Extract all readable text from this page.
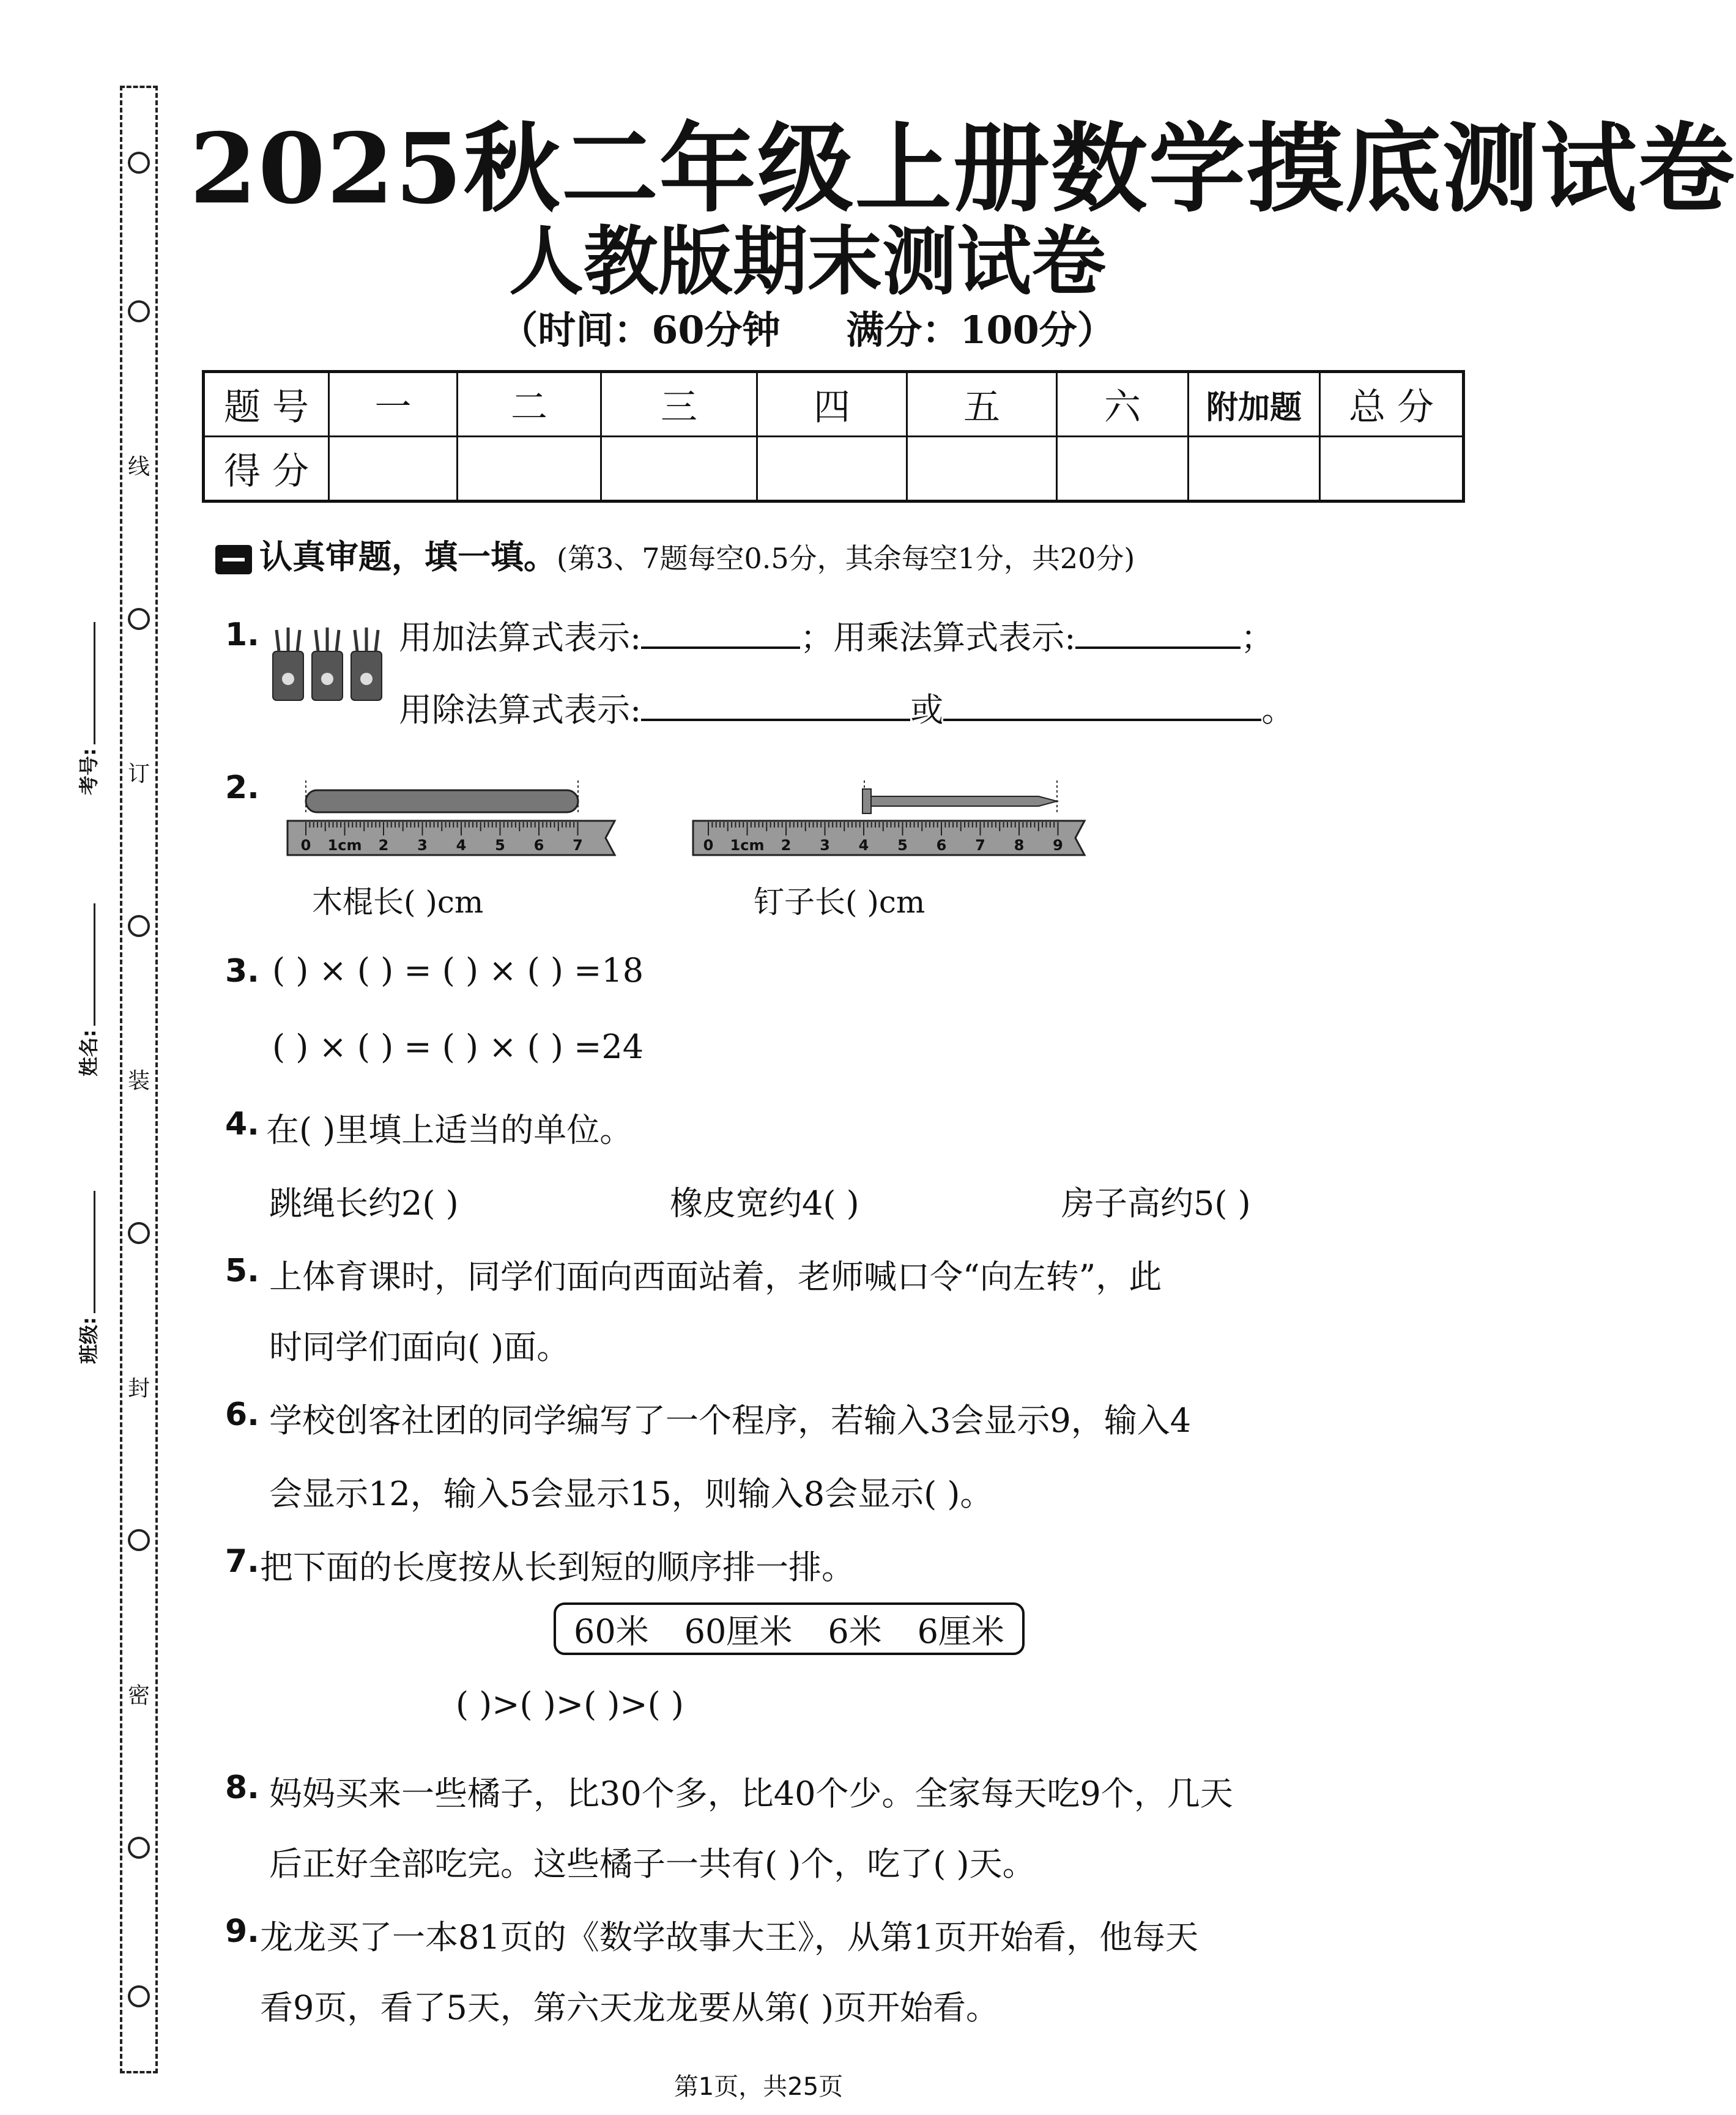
线
订
装
封
密
考号:
姓名:
班级:
2025秋二年级上册数学摸底测试卷
人教版期末测试卷
（时间：60分钟     满分：100分）
题 号	一	二	三	四	五	六	附加题	总 分
得 分								
认真审题，填一填。(第3、7题每空0.5分，其余每空1分，共20分)
1.	用加法算式表示:	；用乘法算式表示:	；
用除法算式表示:	或	。
2.
0 1cm 2 3 4 5 6 7	0 1cm 2 3 4 5 6 7 8 9
木棍长( )cm	钉子长( )cm
3. ( ) × ( ) = ( ) × ( ) =18
( ) × ( ) = ( ) × ( ) =24
4. 在( )里填上适当的单位。
跳绳长约2( )	橡皮宽约4( )	房子高约5( )
5. 上体育课时，同学们面向西面站着，老师喊口令“向左转”，此
时同学们面向( )面。
6. 学校创客社团的同学编写了一个程序，若输入3会显示9，输入4
会显示12，输入5会显示15，则输入8会显示( )。
7. 把下面的长度按从长到短的顺序排一排。
60米 60厘米 6米 6厘米
( )>( )>( )>( )
8. 妈妈买来一些橘子，比30个多，比40个少。全家每天吃9个，几天
后正好全部吃完。这些橘子一共有( )个，吃了( )天。
9. 龙龙买了一本81页的《数学故事大王》，从第1页开始看，他每天
看9页，看了5天，第六天龙龙要从第( )页开始看。
第1页，共25页
